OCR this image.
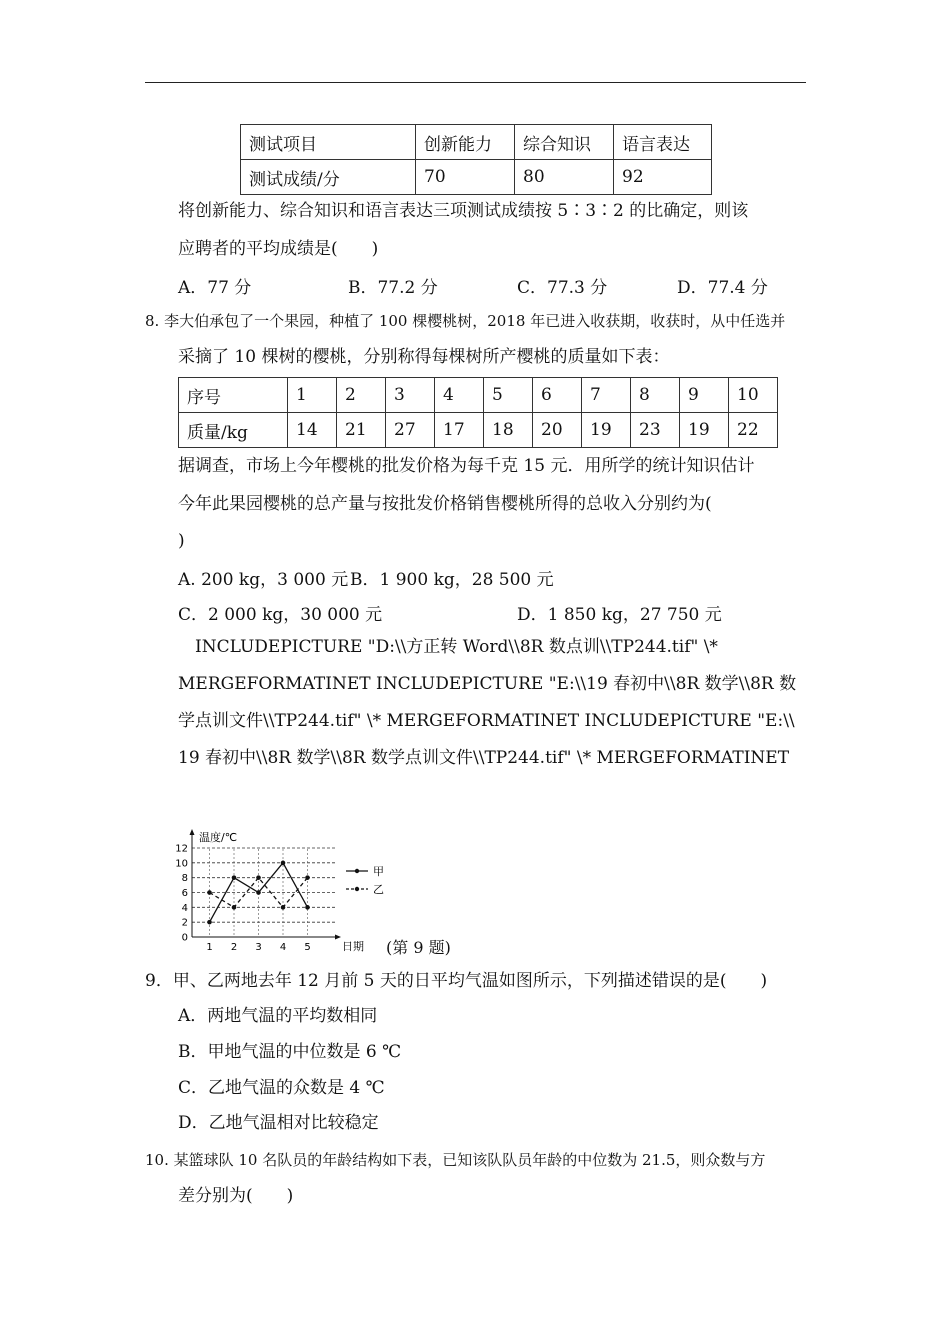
测试项目	创新能力	综合知识	语言表达
测试成绩/分	70	80	92
将创新能力、综合知识和语言表达三项测试成绩按 5∶3∶2 的比确定，则该
应聘者的平均成绩是(　　)
A．77 分	B．77.2 分	C．77.3 分	D．77.4 分
8. 李大伯承包了一个果园，种植了 100 棵樱桃树，2018 年已进入收获期，收获时，从中任选并
采摘了 10 棵树的樱桃，分别称得每棵树所产樱桃的质量如下表：
序号	1	2	3	4	5	6	7	8	9	10
质量/kg	14	21	27	17	18	20	19	23	19	22
据调查，市场上今年樱桃的批发价格为每千克 15 元．用所学的统计知识估计
今年此果园樱桃的总产量与按批发价格销售樱桃所得的总收入分别约为(
)
A. 200 kg，3 000 元 B．1 900 kg，28 500 元
C．2 000 kg，30 000 元	D．1 850 kg，27 750 元
INCLUDEPICTURE "D:\\方正转 Word\\8R 数点训\\TP244.tif" \*
MERGEFORMATINET INCLUDEPICTURE "E:\\19 春初中\\8R 数学\\8R 数
学点训文件\\TP244.tif" \* MERGEFORMATINET INCLUDEPICTURE "E:\\
19 春初中\\8R 数学\\8R 数学点训文件\\TP244.tif" \* MERGEFORMATINET
温度/℃
日期
0
2
4
6
8
10
12
1 2 3 4 5
甲
乙
(第 9 题)
9．甲、乙两地去年 12 月前 5 天的日平均气温如图所示，下列描述错误的是(　　)
A．两地气温的平均数相同
B．甲地气温的中位数是 6 ℃
C．乙地气温的众数是 4 ℃
D．乙地气温相对比较稳定
10. 某篮球队 10 名队员的年龄结构如下表，已知该队队员年龄的中位数为 21.5，则众数与方
差分别为(　　)
